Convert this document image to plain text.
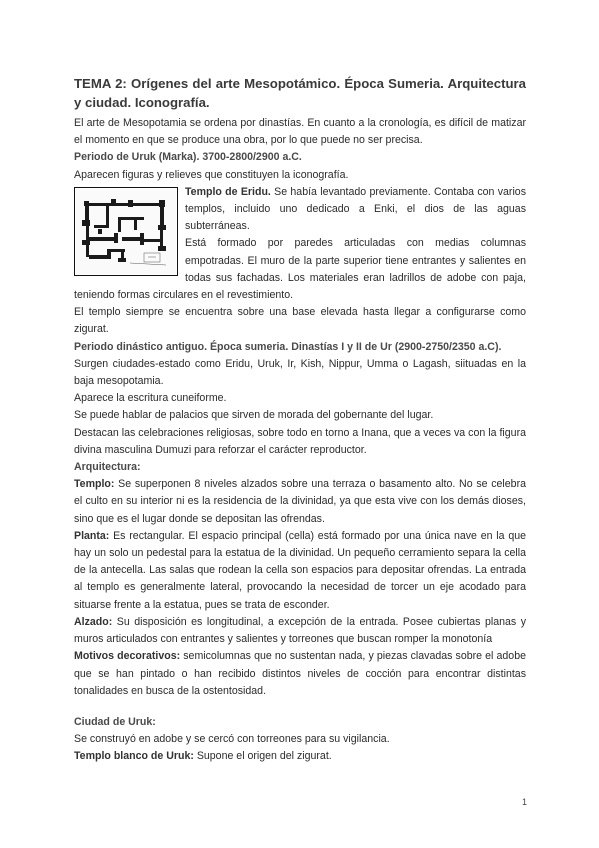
TEMA 2: Orígenes del arte Mesopotámico. Época Sumeria. Arquitectura y ciudad. Iconografía.

El arte de Mesopotamia se ordena por dinastías. En cuanto a la cronología, es difícil de matizar el momento en que se produce una obra, por lo que puede no ser precisa.

Periodo de Uruk (Marka). 3700-2800/2900 a.C.

Aparecen figuras y relieves que constituyen la iconografía.

Templo de Eridu. Se había levantado previamente. Contaba con varios templos, incluido uno dedicado a Enki, el dios de las aguas subterráneas.

Está formado por paredes articuladas con medias columnas empotradas. El muro de la parte superior tiene entrantes y salientes en todas sus fachadas. Los materiales eran ladrillos de adobe con paja, teniendo formas circulares en el revestimiento.

El templo siempre se encuentra sobre una base elevada hasta llegar a configurarse como zigurat.

Periodo dinástico antiguo. Época sumeria. Dinastías I y II de Ur (2900-2750/2350 a.C).

Surgen ciudades-estado como Eridu, Uruk, Ir, Kish, Nippur, Umma o Lagash, siituadas en la baja mesopotamia.

Aparece la escritura cuneiforme.

Se puede hablar de palacios que sirven de morada del gobernante del lugar.

Destacan las celebraciones religiosas, sobre todo en torno a Inana, que a veces va con la figura divina masculina Dumuzi para reforzar el carácter reproductor.

Arquitectura:

Templo: Se superponen 8 niveles alzados sobre una terraza o basamento alto. No se celebra el culto en su interior ni es la residencia de la divinidad, ya que esta vive con los demás dioses, sino que es el lugar donde se depositan las ofrendas.

Planta: Es rectangular. El espacio principal (cella) está formado por una única nave en la que hay un solo un pedestal para la estatua de la divinidad. Un pequeño cerramiento separa la cella de la antecella. Las salas que rodean la cella son espacios para depositar ofrendas. La entrada al templo es generalmente lateral, provocando la necesidad de torcer un eje acodado para situarse frente a la estatua, pues se trata de esconder.

Alzado: Su disposición es longitudinal, a excepción de la entrada. Posee cubiertas planas y muros articulados con entrantes y salientes y torreones que buscan romper la monotonía

Motivos decorativos: semicolumnas que no sustentan nada, y piezas clavadas sobre el adobe que se han pintado o han recibido distintos niveles de cocción para encontrar distintas tonalidades en busca de la ostentosidad.

Ciudad de Uruk:

Se construyó en adobe y se cercó con torreones para su vigilancia.

Templo blanco de Uruk: Supone el origen del zigurat.

1
